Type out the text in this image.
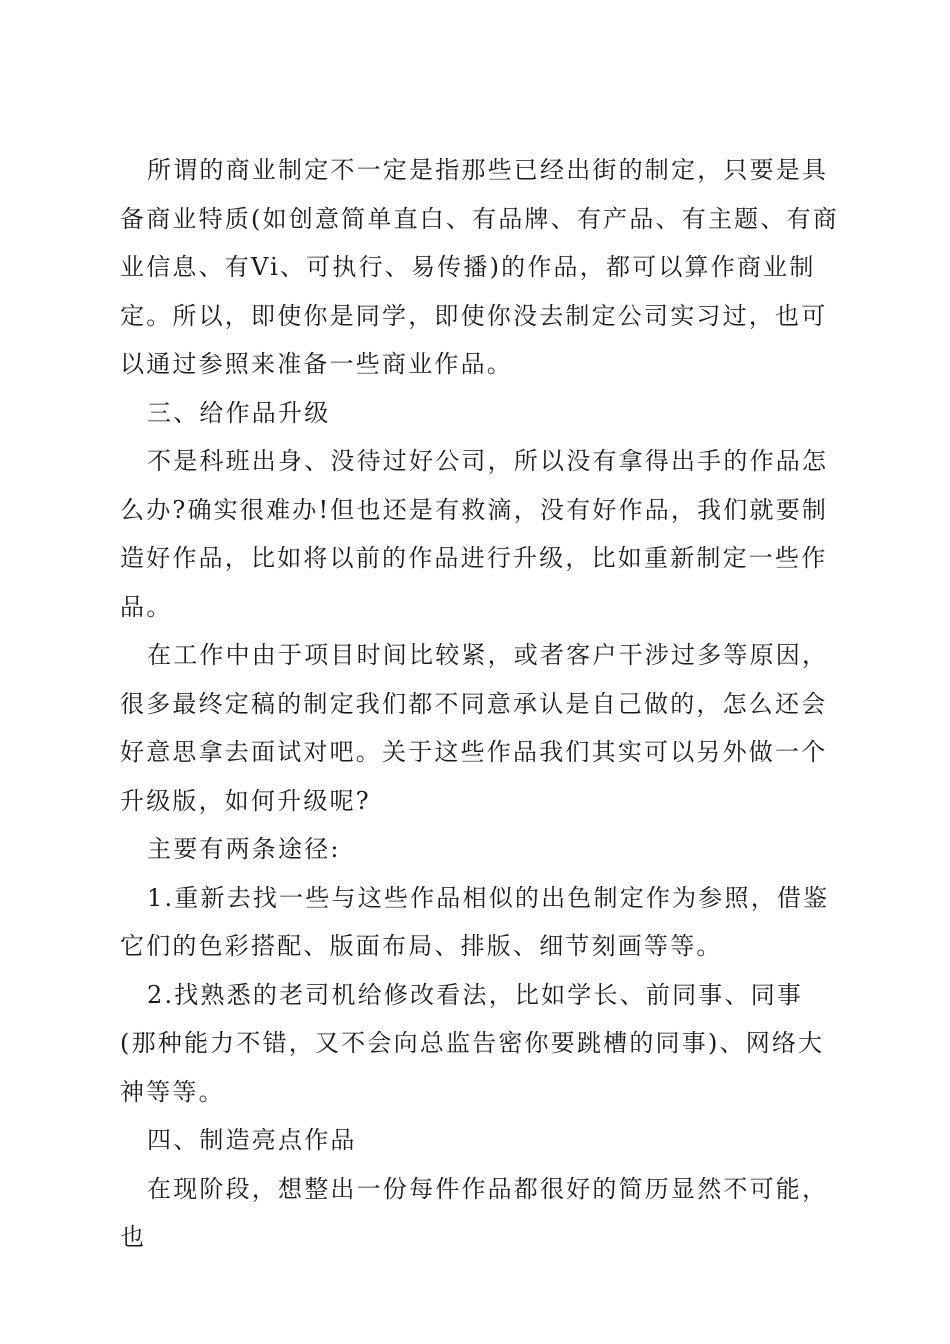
所谓的商业制定不一定是指那些已经出街的制定，只要是具备商业特质(如创意简单直白、有品牌、有产品、有主题、有商业信息、有Vi、可执行、易传播)的作品，都可以算作商业制定。所以，即使你是同学，即使你没去制定公司实习过，也可以通过参照来准备一些商业作品。

三、给作品升级

不是科班出身、没待过好公司，所以没有拿得出手的作品怎么办?确实很难办!但也还是有救滴，没有好作品，我们就要制造好作品，比如将以前的作品进行升级，比如重新制定一些作品。

在工作中由于项目时间比较紧，或者客户干涉过多等原因，很多最终定稿的制定我们都不同意承认是自己做的，怎么还会好意思拿去面试对吧。关于这些作品我们其实可以另外做一个升级版，如何升级呢?

主要有两条途径:

1.重新去找一些与这些作品相似的出色制定作为参照，借鉴它们的色彩搭配、版面布局、排版、细节刻画等等。

2.找熟悉的老司机给修改看法，比如学长、前同事、同事(那种能力不错，又不会向总监告密你要跳槽的同事)、网络大神等等。

四、制造亮点作品

在现阶段，想整出一份每件作品都很好的简历显然不可能，也
